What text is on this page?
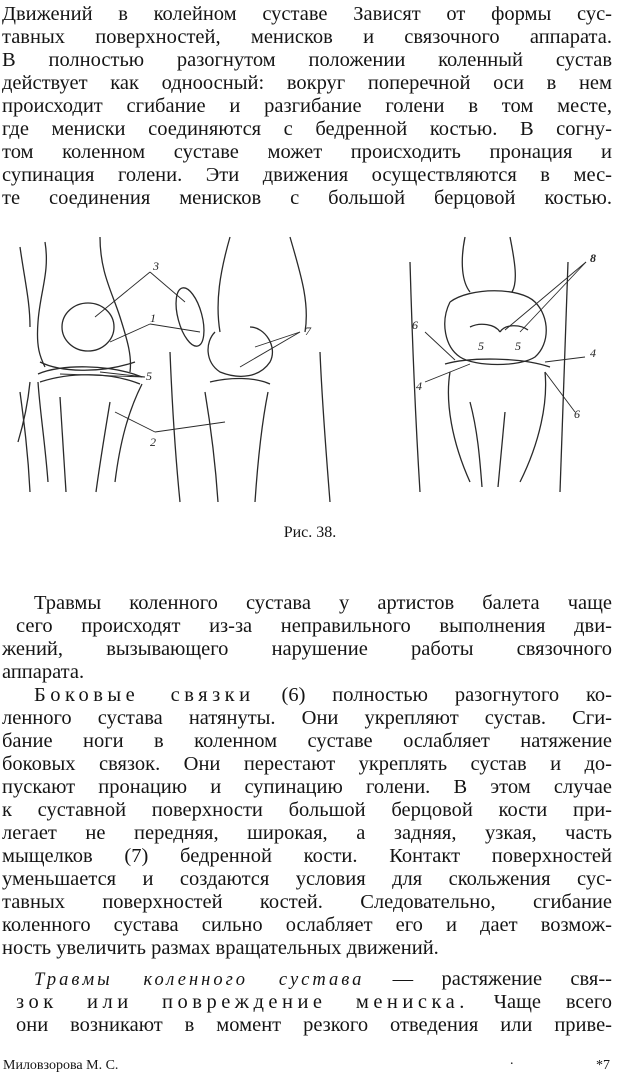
Движений в колейном суставе Зависят от формы сус-
тавных поверхностей, менисков и связочного аппарата.
В полностью разогнутом положении коленный сустав
действует как одноосный: вокруг поперечной оси в нем
происходит сгибание и разгибание голени в том месте,
где мениски соединяются с бедренной костью. В согну-
том коленном суставе может происходить пронация и
супинация голени. Эти движения осуществляются в мес-
те соединения менисков с большой берцовой костью.
3
1
7
5
2
8
6
5	5	4
4
6
Рис. 38.
Травмы коленного сустава у артистов балета чаще
сего происходят из-за неправильного выполнения дви-
жений, вызывающего нарушение работы связочного
аппарата.
Боковые связки (6) полностью разогнутого ко-
ленного сустава натянуты. Они укрепляют сустав. Сги-
бание ноги в коленном суставе ослабляет натяжение
боковых связок. Они перестают укреплять сустав и до-
пускают пронацию и супинацию голени. В этом случае
к суставной поверхности большой берцовой кости при-
легает не передняя, широкая, а задняя, узкая, часть
мыщелков (7) бедренной кости. Контакт поверхностей
уменьшается и создаются условия для скольжения сус-
тавных поверхностей костей. Следовательно, сгибание
коленного сустава сильно ослабляет его и дает возмож-
ность увеличить размах вращательных движений.
Травмы коленного сустава — растяжение свя--
зок или повреждение мениска. Чаще всего
они возникают в момент резкого отведения или приве-
Миловзорова М. С.	.	*7
